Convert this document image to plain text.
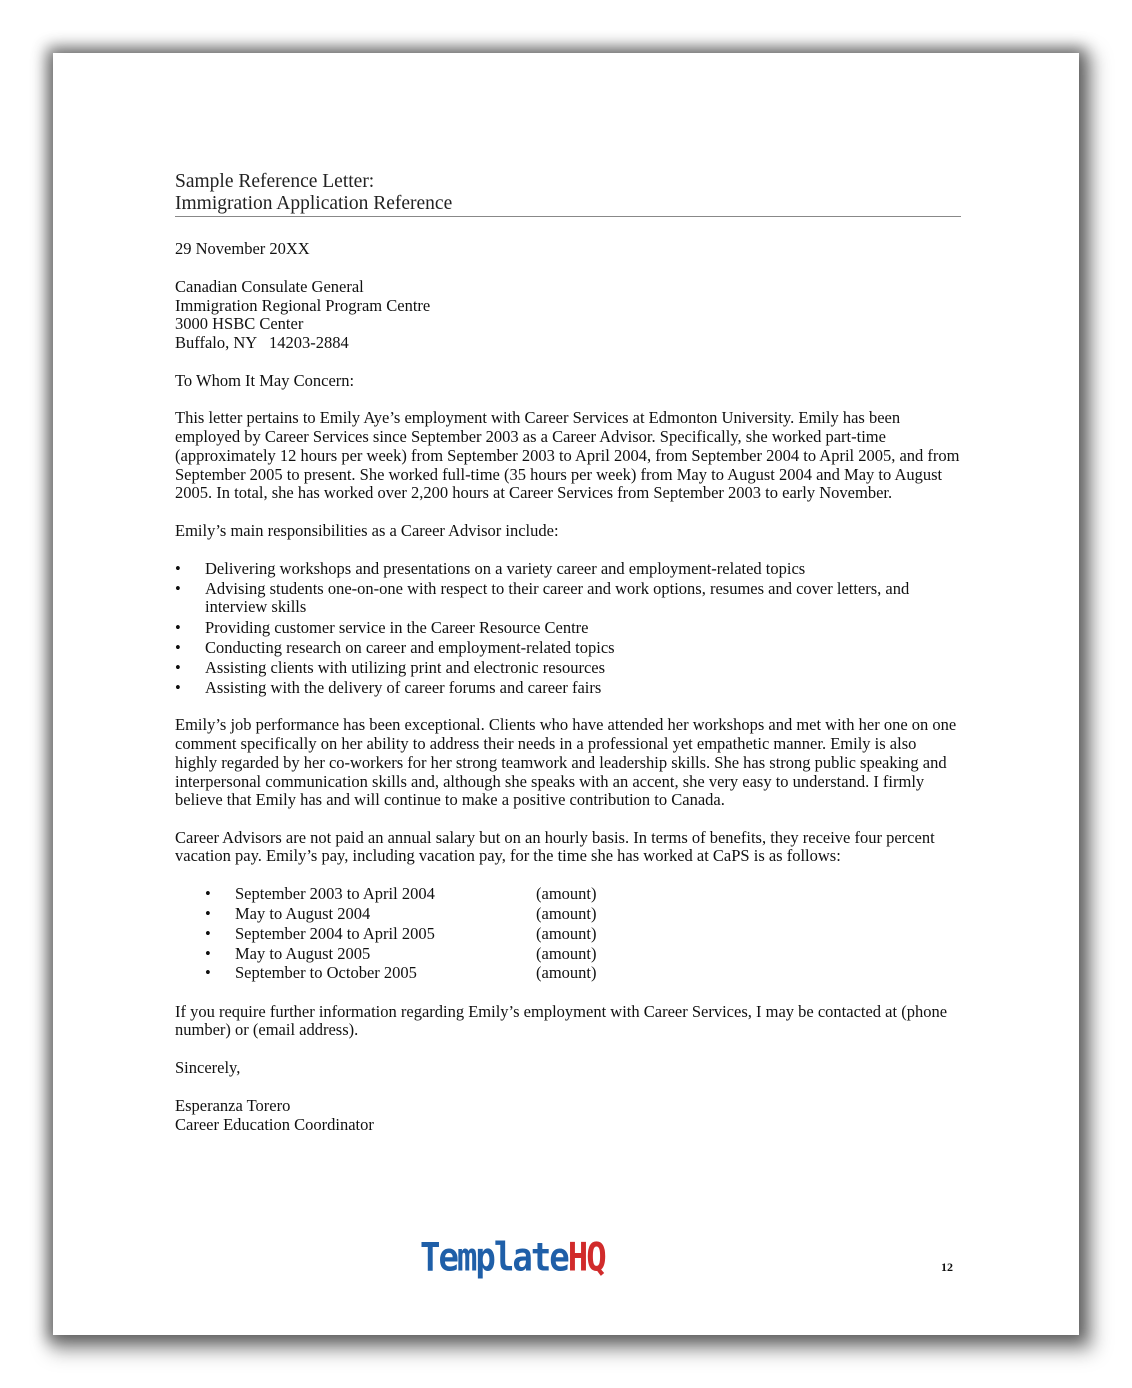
Sample Reference Letter:
Immigration Application Reference
29 November 20XX
Canadian Consulate General
Immigration Regional Program Centre
3000 HSBC Center
Buffalo, NY   14203-2884
To Whom It May Concern:
This letter pertains to Emily Aye’s employment with Career Services at Edmonton University. Emily has been employed by Career Services since September 2003 as a Career Advisor. Specifically, she worked part-time (approximately 12 hours per week) from September 2003 to April 2004, from September 2004 to April 2005, and from September 2005 to present. She worked full-time (35 hours per week) from May to August 2004 and May to August 2005. In total, she has worked over 2,200 hours at Career Services from September 2003 to early November.
Emily’s main responsibilities as a Career Advisor include:
• Delivering workshops and presentations on a variety career and employment-related topics
• Advising students one-on-one with respect to their career and work options, resumes and cover letters, and interview skills
• Providing customer service in the Career Resource Centre
• Conducting research on career and employment-related topics
• Assisting clients with utilizing print and electronic resources
• Assisting with the delivery of career forums and career fairs
Emily’s job performance has been exceptional. Clients who have attended her workshops and met with her one on one comment specifically on her ability to address their needs in a professional yet empathetic manner. Emily is also highly regarded by her co-workers for her strong teamwork and leadership skills. She has strong public speaking and interpersonal communication skills and, although she speaks with an accent, she very easy to understand. I firmly believe that Emily has and will continue to make a positive contribution to Canada.
Career Advisors are not paid an annual salary but on an hourly basis. In terms of benefits, they receive four percent vacation pay. Emily’s pay, including vacation pay, for the time she has worked at CaPS is as follows:
• September 2003 to April 2004	(amount)
• May to August 2004	(amount)
• September 2004 to April 2005	(amount)
• May to August 2005	(amount)
• September to October 2005	(amount)
If you require further information regarding Emily’s employment with Career Services, I may be contacted at (phone number) or (email address).
Sincerely,
Esperanza Torero
Career Education Coordinator
12
TemplateHQ
